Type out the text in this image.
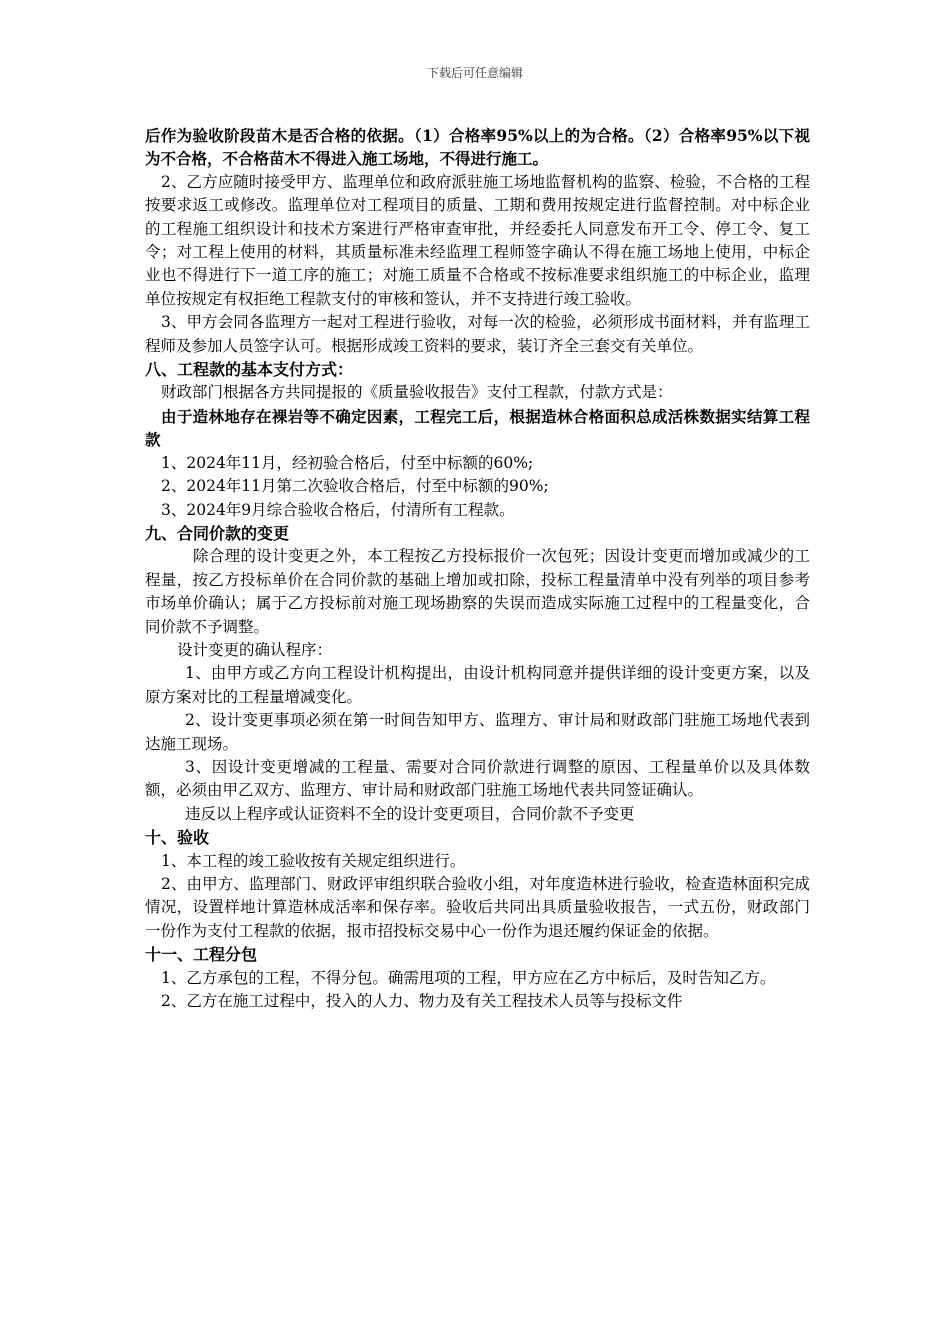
下载后可任意编辑

后作为验收阶段苗木是否合格的依据。（1）合格率95%以上的为合格。（2）合格率95%以下视为不合格，不合格苗木不得进入施工场地，不得进行施工。

2、乙方应随时接受甲方、监理单位和政府派驻施工场地监督机构的监察、检验，不合格的工程按要求返工或修改。监理单位对工程项目的质量、工期和费用按规定进行监督控制。对中标企业的工程施工组织设计和技术方案进行严格审查审批，并经委托人同意发布开工令、停工令、复工令；对工程上使用的材料，其质量标准未经监理工程师签字确认不得在施工场地上使用，中标企业也不得进行下一道工序的施工；对施工质量不合格或不按标准要求组织施工的中标企业，监理单位按规定有权拒绝工程款支付的审核和签认，并不支持进行竣工验收。

3、甲方会同各监理方一起对工程进行验收，对每一次的检验，必须形成书面材料，并有监理工程师及参加人员签字认可。根据形成竣工资料的要求，装订齐全三套交有关单位。

八、工程款的基本支付方式：

财政部门根据各方共同提报的《质量验收报告》支付工程款，付款方式是：

由于造林地存在裸岩等不确定因素，工程完工后，根据造林合格面积总成活株数据实结算工程款

1、2024年11月，经初验合格后，付至中标额的60%;

2、2024年11月第二次验收合格后，付至中标额的90%;

3、2024年9月综合验收合格后，付清所有工程款。

九、合同价款的变更

除合理的设计变更之外，本工程按乙方投标报价一次包死；因设计变更而增加或减少的工程量，按乙方投标单价在合同价款的基础上增加或扣除，投标工程量清单中没有列举的项目参考市场单价确认；属于乙方投标前对施工现场勘察的失误而造成实际施工过程中的工程量变化，合同价款不予调整。

设计变更的确认程序：

1、由甲方或乙方向工程设计机构提出，由设计机构同意并提供详细的设计变更方案，以及原方案对比的工程量增减变化。

2、设计变更事项必须在第一时间告知甲方、监理方、审计局和财政部门驻施工场地代表到达施工现场。

3、因设计变更增减的工程量、需要对合同价款进行调整的原因、工程量单价以及具体数额，必须由甲乙双方、监理方、审计局和财政部门驻施工场地代表共同签证确认。

违反以上程序或认证资料不全的设计变更项目，合同价款不予变更

十、验收

1、本工程的竣工验收按有关规定组织进行。

2、由甲方、监理部门、财政评审组织联合验收小组，对年度造林进行验收，检查造林面积完成情况，设置样地计算造林成活率和保存率。验收后共同出具质量验收报告，一式五份，财政部门一份作为支付工程款的依据，报市招投标交易中心一份作为退还履约保证金的依据。

十一、工程分包

1、乙方承包的工程，不得分包。确需甩项的工程，甲方应在乙方中标后，及时告知乙方。

2、乙方在施工过程中，投入的人力、物力及有关工程技术人员等与投标文件
